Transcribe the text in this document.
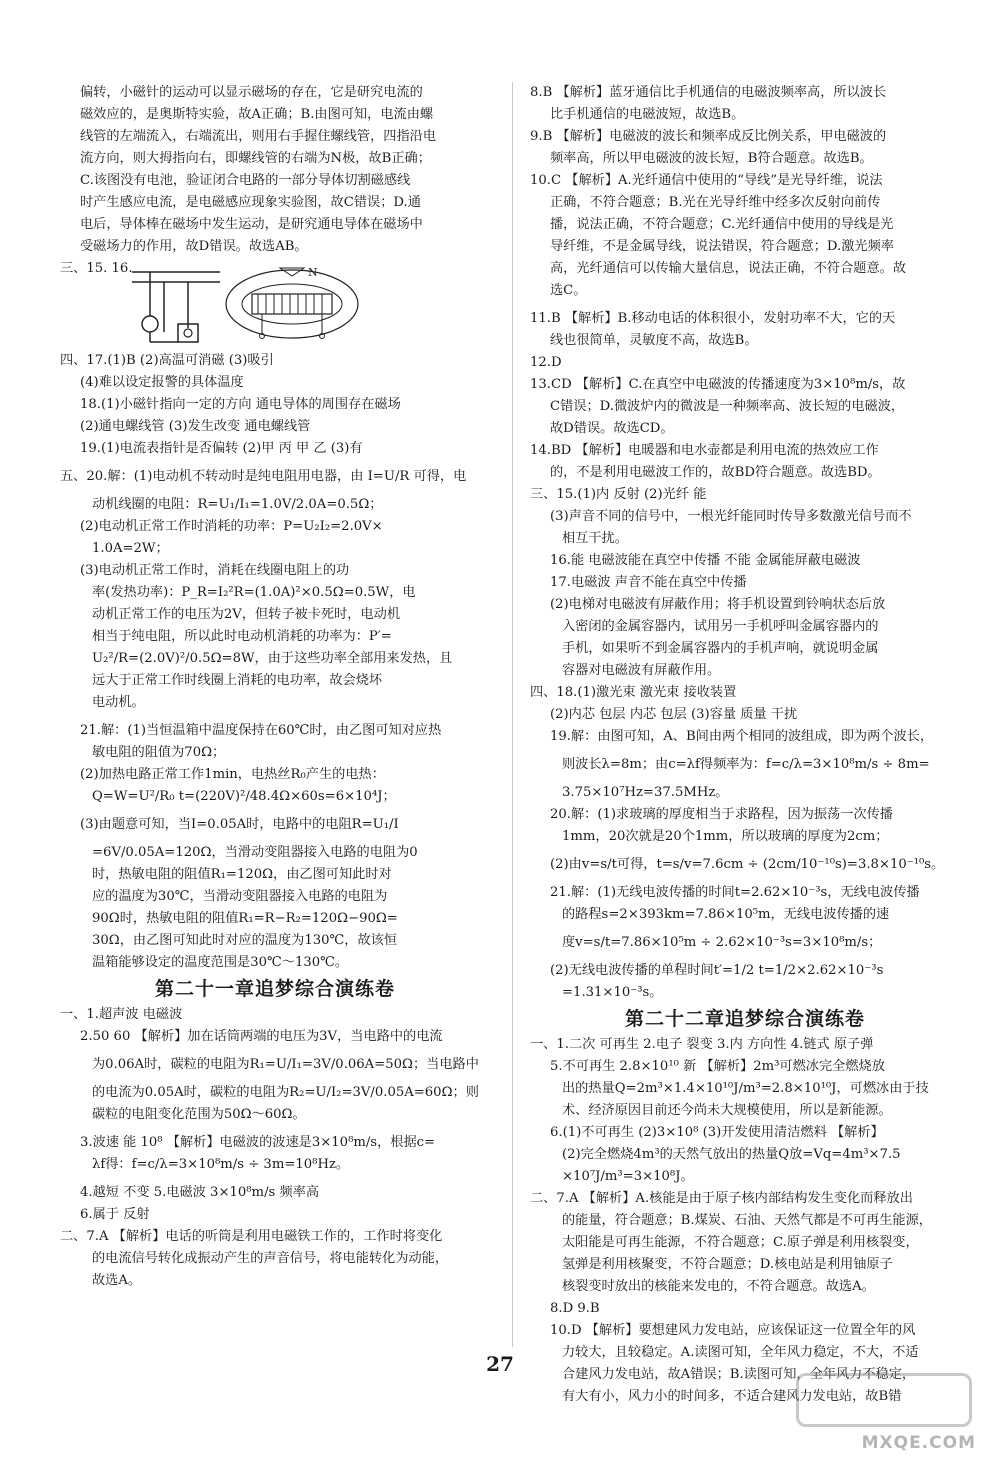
偏转，小磁针的运动可以显示磁场的存在，它是研究电流的
磁效应的，是奥斯特实验，故A正确；B.由图可知，电流由螺
线管的左端流入，右端流出，则用右手握住螺线管，四指沿电
流方向，则大拇指向右，即螺线管的右端为N极，故B正确；
C.该图没有电池，验证闭合电路的一部分导体切割磁感线
时产生感应电流，是电磁感应现象实验图，故C错误；D.通
电后，导体棒在磁场中发生运动，是研究通电导体在磁场中
受磁场力的作用，故D错误。故选AB。
N
三、15. 16.
四、17.(1)B (2)高温可消磁 (3)吸引
(4)难以设定报警的具体温度
18.(1)小磁针指向一定的方向 通电导体的周围存在磁场
(2)通电螺线管 (3)发生改变 通电螺线管
19.(1)电流表指针是否偏转 (2)甲 丙 甲 乙 (3)有
五、20.解：(1)电动机不转动时是纯电阻用电器，由 I=U/R 可得，电
动机线圈的电阻：R=U₁/I₁=1.0V/2.0A=0.5Ω；
(2)电动机正常工作时消耗的功率：P=U₂I₂=2.0V×
1.0A=2W；
(3)电动机正常工作时，消耗在线圈电阻上的功
率(发热功率)：P_R=I₂²R=(1.0A)²×0.5Ω=0.5W，电
动机正常工作的电压为2V，但转子被卡死时，电动机
相当于纯电阻，所以此时电动机消耗的功率为：P′=
U₂²/R=(2.0V)²/0.5Ω=8W，由于这些功率全部用来发热，且
远大于正常工作时线圈上消耗的电功率，故会烧坏
电动机。
21.解：(1)当恒温箱中温度保持在60℃时，由乙图可知对应热
敏电阻的阻值为70Ω；
(2)加热电路正常工作1min，电热丝R₀产生的电热：
Q=W=U²/R₀ t=(220V)²/48.4Ω×60s=6×10⁴J；
(3)由题意可知，当I=0.05A时，电路中的电阻R=U₁/I
=6V/0.05A=120Ω，当滑动变阻器接入电路的电阻为0
时，热敏电阻的阻值R₁=120Ω，由乙图可知此时对
应的温度为30℃，当滑动变阻器接入电路的电阻为
90Ω时，热敏电阻的阻值R₁=R−R₂=120Ω−90Ω=
30Ω，由乙图可知此时对应的温度为130℃，故该恒
温箱能够设定的温度范围是30℃～130℃。
第二十一章追梦综合演练卷
一、1.超声波 电磁波
2.50 60 【解析】加在话筒两端的电压为3V，当电路中的电流
为0.06A时，碳粒的电阻为R₁=U/I₁=3V/0.06A=50Ω；当电路中
的电流为0.05A时，碳粒的电阻为R₂=U/I₂=3V/0.05A=60Ω；则
碳粒的电阻变化范围为50Ω～60Ω。
3.波速 能 10⁸ 【解析】电磁波的波速是3×10⁸m/s，根据c=
λf得：f=c/λ=3×10⁸m/s ÷ 3m=10⁸Hz。
4.越短 不变 5.电磁波 3×10⁸m/s 频率高
6.属于 反射
二、7.A 【解析】电话的听筒是利用电磁铁工作的，工作时将变化
的电流信号转化成振动产生的声音信号，将电能转化为动能，
故选A。
8.B 【解析】蓝牙通信比手机通信的电磁波频率高，所以波长
比手机通信的电磁波短，故选B。
9.B 【解析】电磁波的波长和频率成反比例关系，甲电磁波的
频率高，所以甲电磁波的波长短，B符合题意。故选B。
10.C 【解析】A.光纤通信中使用的“导线”是光导纤维，说法
正确，不符合题意；B.光在光导纤维中经多次反射向前传
播，说法正确，不符合题意；C.光纤通信中使用的导线是光
导纤维，不是金属导线，说法错误，符合题意；D.激光频率
高，光纤通信可以传输大量信息，说法正确，不符合题意。故
选C。
11.B 【解析】B.移动电话的体积很小，发射功率不大，它的天
线也很简单，灵敏度不高，故选B。
12.D
13.CD 【解析】C.在真空中电磁波的传播速度为3×10⁸m/s，故
C错误；D.微波炉内的微波是一种频率高、波长短的电磁波，
故D错误。故选CD。
14.BD 【解析】电暖器和电水壶都是利用电流的热效应工作
的，不是利用电磁波工作的，故BD符合题意。故选BD。
三、15.(1)内 反射 (2)光纤 能
(3)声音不同的信号中，一根光纤能同时传导多数激光信号而不
相互干扰。
16.能 电磁波能在真空中传播 不能 金属能屏蔽电磁波
17.电磁波 声音不能在真空中传播
(2)电梯对电磁波有屏蔽作用；将手机设置到铃响状态后放
入密闭的金属容器内，试用另一手机呼叫金属容器内的
手机，如果听不到金属容器内的手机声响，就说明金属
容器对电磁波有屏蔽作用。
四、18.(1)激光束 激光束 接收装置
(2)内芯 包层 内芯 包层 (3)容量 质量 干扰
19.解：由图可知，A、B间由两个相同的波组成，即为两个波长，
则波长λ=8m；由c=λf得频率为：f=c/λ=3×10⁸m/s ÷ 8m=
3.75×10⁷Hz=37.5MHz。
20.解：(1)求玻璃的厚度相当于求路程，因为振荡一次传播
1mm，20次就是20个1mm，所以玻璃的厚度为2cm；
(2)由v=s/t可得，t=s/v=7.6cm ÷ (2cm/10⁻¹⁰s)=3.8×10⁻¹⁰s。
21.解：(1)无线电波传播的时间t=2.62×10⁻³s，无线电波传播
的路程s=2×393km=7.86×10⁵m，无线电波传播的速
度v=s/t=7.86×10⁵m ÷ 2.62×10⁻³s=3×10⁸m/s；
(2)无线电波传播的单程时间t′=1/2 t=1/2×2.62×10⁻³s
=1.31×10⁻³s。
第二十二章追梦综合演练卷
一、1.二次 可再生 2.电子 裂变 3.内 方向性 4.链式 原子弹
5.不可再生 2.8×10¹⁰ 新 【解析】2m³可燃冰完全燃烧放
出的热量Q=2m³×1.4×10¹⁰J/m³=2.8×10¹⁰J，可燃冰由于技
术、经济原因目前还今尚未大规模使用，所以是新能源。
6.(1)不可再生 (2)3×10⁸ (3)开发使用清洁燃料 【解析】
(2)完全燃烧4m³的天然气放出的热量Q放=Vq=4m³×7.5
×10⁷J/m³=3×10⁸J。
二、7.A 【解析】A.核能是由于原子核内部结构发生变化而释放出
的能量，符合题意；B.煤炭、石油、天然气都是不可再生能源，
太阳能是可再生能源，不符合题意；C.原子弹是利用核裂变，
氢弹是利用核聚变，不符合题意；D.核电站是利用铀原子
核裂变时放出的核能来发电的，不符合题意。故选A。
8.D 9.B
10.D 【解析】要想建风力发电站，应该保证这一位置全年的风
力较大，且较稳定。A.读图可知，全年风力稳定，不大，不适
合建风力发电站，故A错误；B.读图可知，全年风力不稳定，
有大有小，风力小的时间多，不适合建风力发电站，故B错
27
MXQE.COM
